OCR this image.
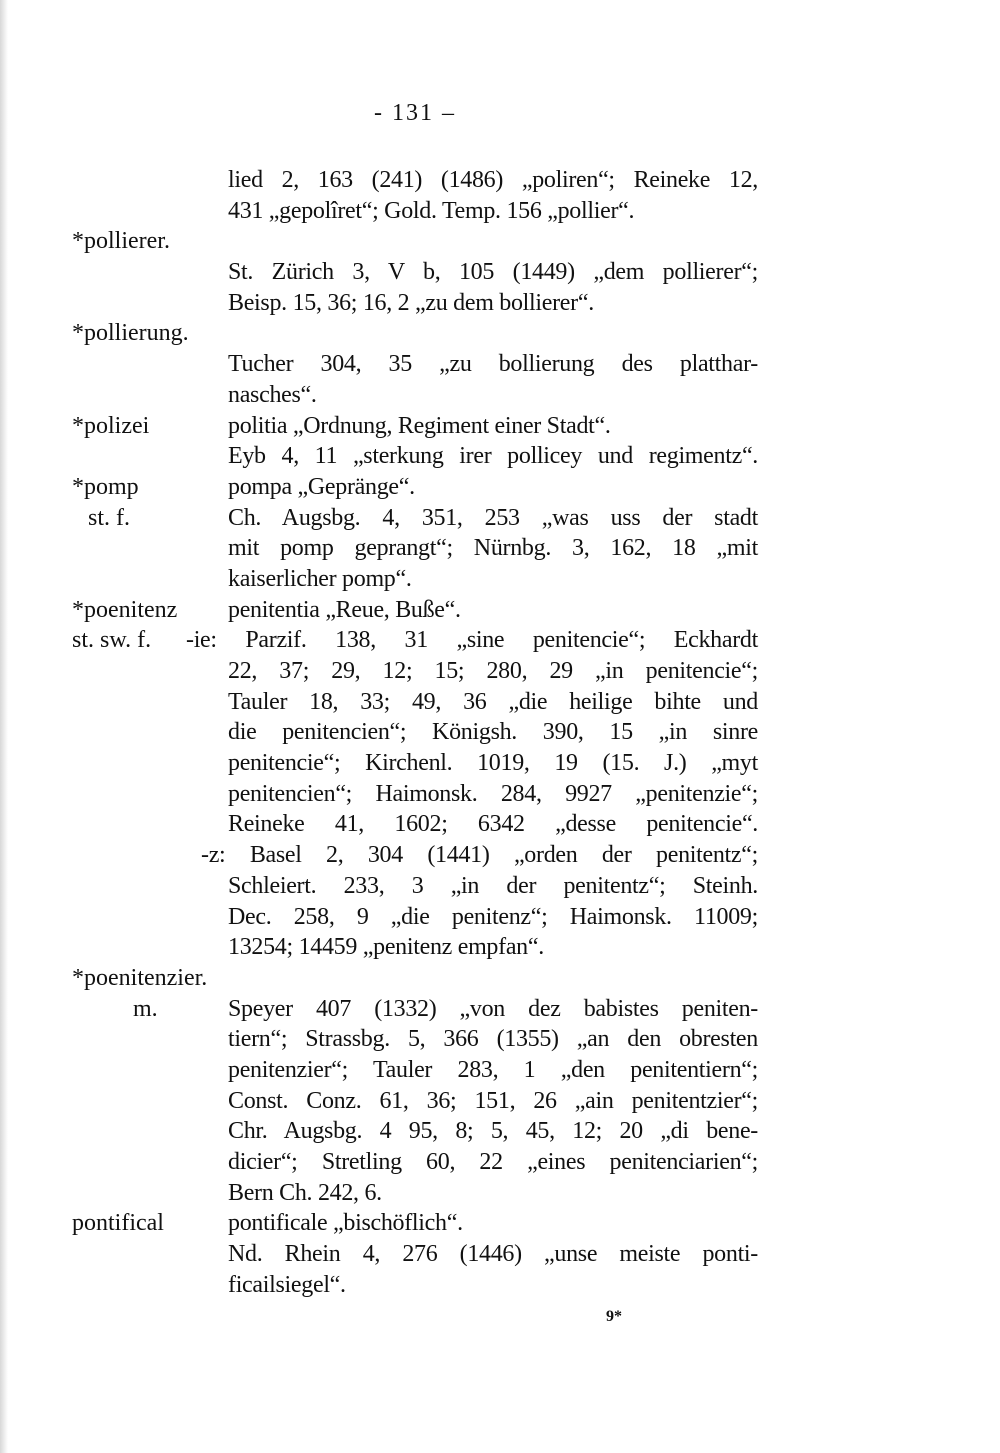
- 131 –
lied 2, 163 (241) (1486) „poliren“; Reineke 12,
431 „gepolîret“; Gold. Temp. 156 „pollier“.
*pollierer.
St. Zürich 3, V b, 105 (1449) „dem pollierer“;
Beisp. 15, 36; 16, 2 „zu dem bollierer“.
*pollierung.
Tucher 304, 35 „zu bollierung des platthar-
nasches“.
*polizei	politia „Ordnung, Regiment einer Stadt“.
Eyb 4, 11 „sterkung irer pollicey und regimentz“.
*pomp	pompa „Gepränge“.
st. f.	Ch. Augsbg. 4, 351, 253 „was uss der stadt
mit pomp geprangt“; Nürnbg. 3, 162, 18 „mit
kaiserlicher pomp“.
*poenitenz penitentia „Reue, Buße“.
st. sw. f. -ie: Parzif. 138, 31 „sine penitencie“; Eckhardt
22, 37; 29, 12; 15; 280, 29 „in penitencie“;
Tauler 18, 33; 49, 36 „die heilige bihte und
die penitencien“; Königsh. 390, 15 „in sinre
penitencie“; Kirchenl. 1019, 19 (15. J.) „myt
penitencien“; Haimonsk. 284, 9927 „penitenzie“;
Reineke 41, 1602; 6342 „desse penitencie“.
-z: Basel 2, 304 (1441) „orden der penitentz“;
Schleiert. 233, 3 „in der penitentz“; Steinh.
Dec. 258, 9 „die penitenz“; Haimonsk. 11009;
13254; 14459 „penitenz empfan“.
*poenitenzier.
m.	Speyer 407 (1332) „von dez babistes peniten-
tiern“; Strassbg. 5, 366 (1355) „an den obresten
penitenzier“; Tauler 283, 1 „den penitentiern“;
Const. Conz. 61, 36; 151, 26 „ain penitentzier“;
Chr. Augsbg. 4 95, 8; 5, 45, 12; 20 „di bene-
dicier“; Stretling 60, 22 „eines penitenciarien“;
Bern Ch. 242, 6.
pontifical	pontificale „bischöflich“.
Nd. Rhein 4, 276 (1446) „unse meiste ponti-
ficailsiegel“.
9*
